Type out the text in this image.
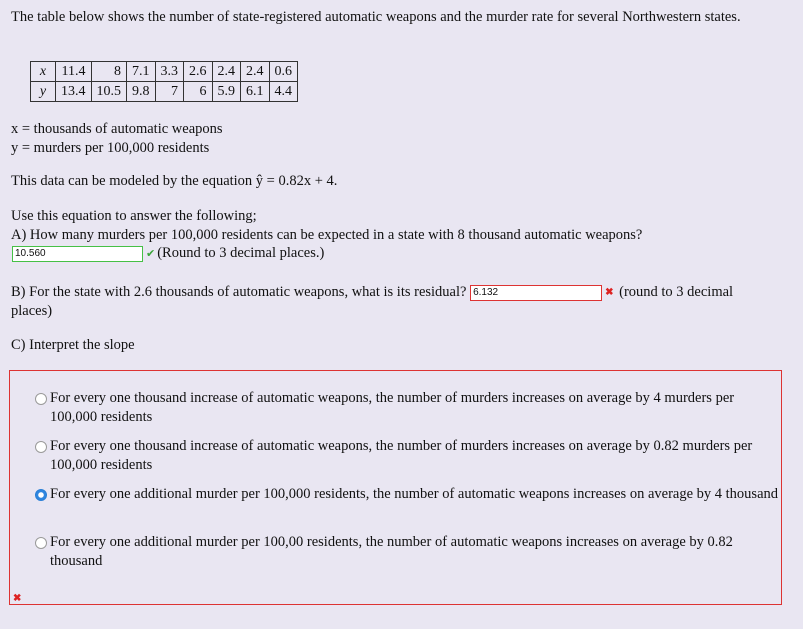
The table below shows the number of state-registered automatic weapons and the murder rate for several Northwestern states.
x	11.4	8	7.1	3.3	2.6	2.4	2.4	0.6
y	13.4	10.5	9.8	7	6	5.9	6.1	4.4
x = thousands of automatic weapons
y = murders per 100,000 residents
This data can be modeled by the equation ŷ = 0.82x + 4.
Use this equation to answer the following;
A) How many murders per 100,000 residents can be expected in a state with 8 thousand automatic weapons?
10.560	✔ (Round to 3 decimal places.)
B) For the state with 2.6 thousands of automatic weapons, what is its residual? 6.132	✖ (round to 3 decimal places)
C) Interpret the slope
For every one thousand increase of automatic weapons, the number of murders increases on average by 4 murders per 100,000 residents
For every one thousand increase of automatic weapons, the number of murders increases on average by 0.82 murders per 100,000 residents
For every one additional murder per 100,000 residents, the number of automatic weapons increases on average by 4 thousand
For every one additional murder per 100,00 residents, the number of automatic weapons increases on average by 0.82 thousand
✖
